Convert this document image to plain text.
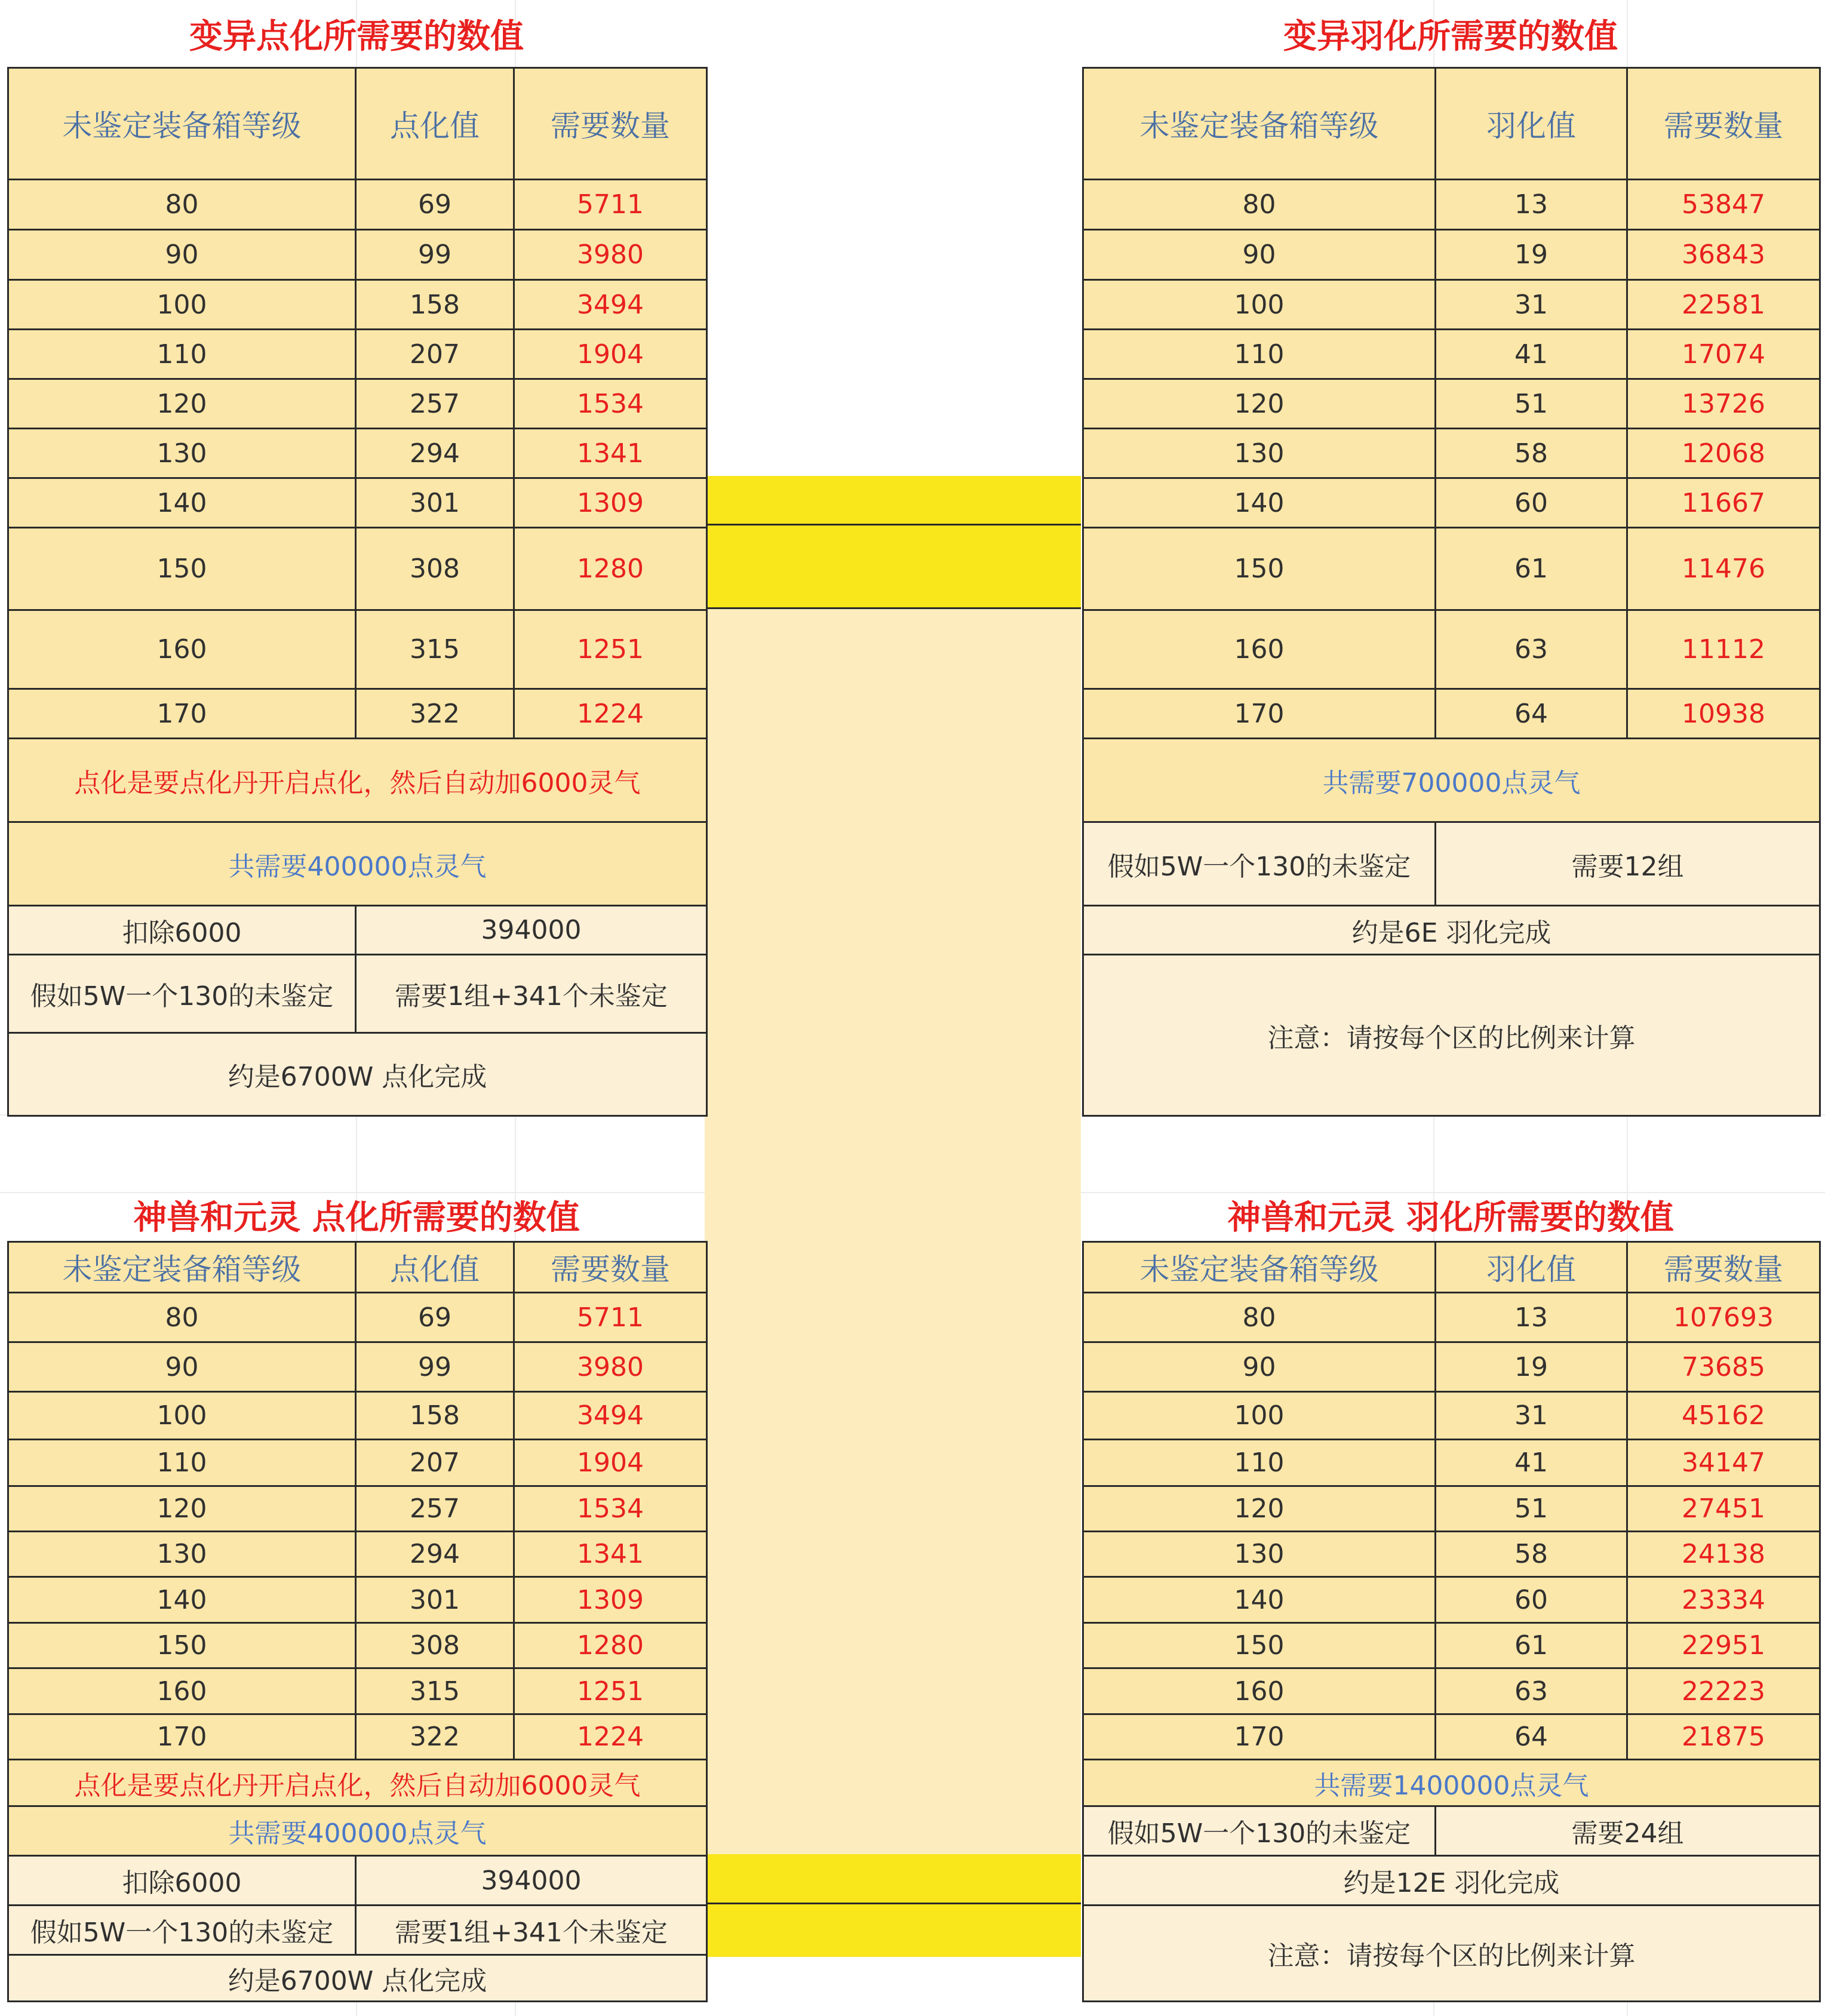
变异点化所需要的数值
未鉴定装备箱等级	点化值	需要数量
80	69	5711
90	99	3980
100	158	3494
110	207	1904
120	257	1534
130	294	1341
140	301	1309
150	308	1280
160	315	1251
170	322	1224
点化是要点化丹开启点化，然后自动加6000灵气		
共需要400000点灵气		
扣除6000	394000	
假如5W一个130的未鉴定	需要1组+341个未鉴定	
约是6700W 点化完成		
变异羽化所需要的数值
未鉴定装备箱等级	羽化值	需要数量
80	13	53847
90	19	36843
100	31	22581
110	41	17074
120	51	13726
130	58	12068
140	60	11667
150	61	11476
160	63	11112
170	64	10938
共需要700000点灵气		
假如5W一个130的未鉴定	需要12组	
约是6E 羽化完成		
注意：请按每个区的比例来计算		
神兽和元灵 点化所需要的数值
未鉴定装备箱等级	点化值	需要数量
80	69	5711
90	99	3980
100	158	3494
110	207	1904
120	257	1534
130	294	1341
140	301	1309
150	308	1280
160	315	1251
170	322	1224
点化是要点化丹开启点化，然后自动加6000灵气		
共需要400000点灵气		
扣除6000	394000	
假如5W一个130的未鉴定	需要1组+341个未鉴定	
约是6700W 点化完成		
神兽和元灵 羽化所需要的数值
未鉴定装备箱等级	羽化值	需要数量
80	13	107693
90	19	73685
100	31	45162
110	41	34147
120	51	27451
130	58	24138
140	60	23334
150	61	22951
160	63	22223
170	64	21875
共需要1400000点灵气		
假如5W一个130的未鉴定	需要24组	
约是12E 羽化完成		
注意：请按每个区的比例来计算		
